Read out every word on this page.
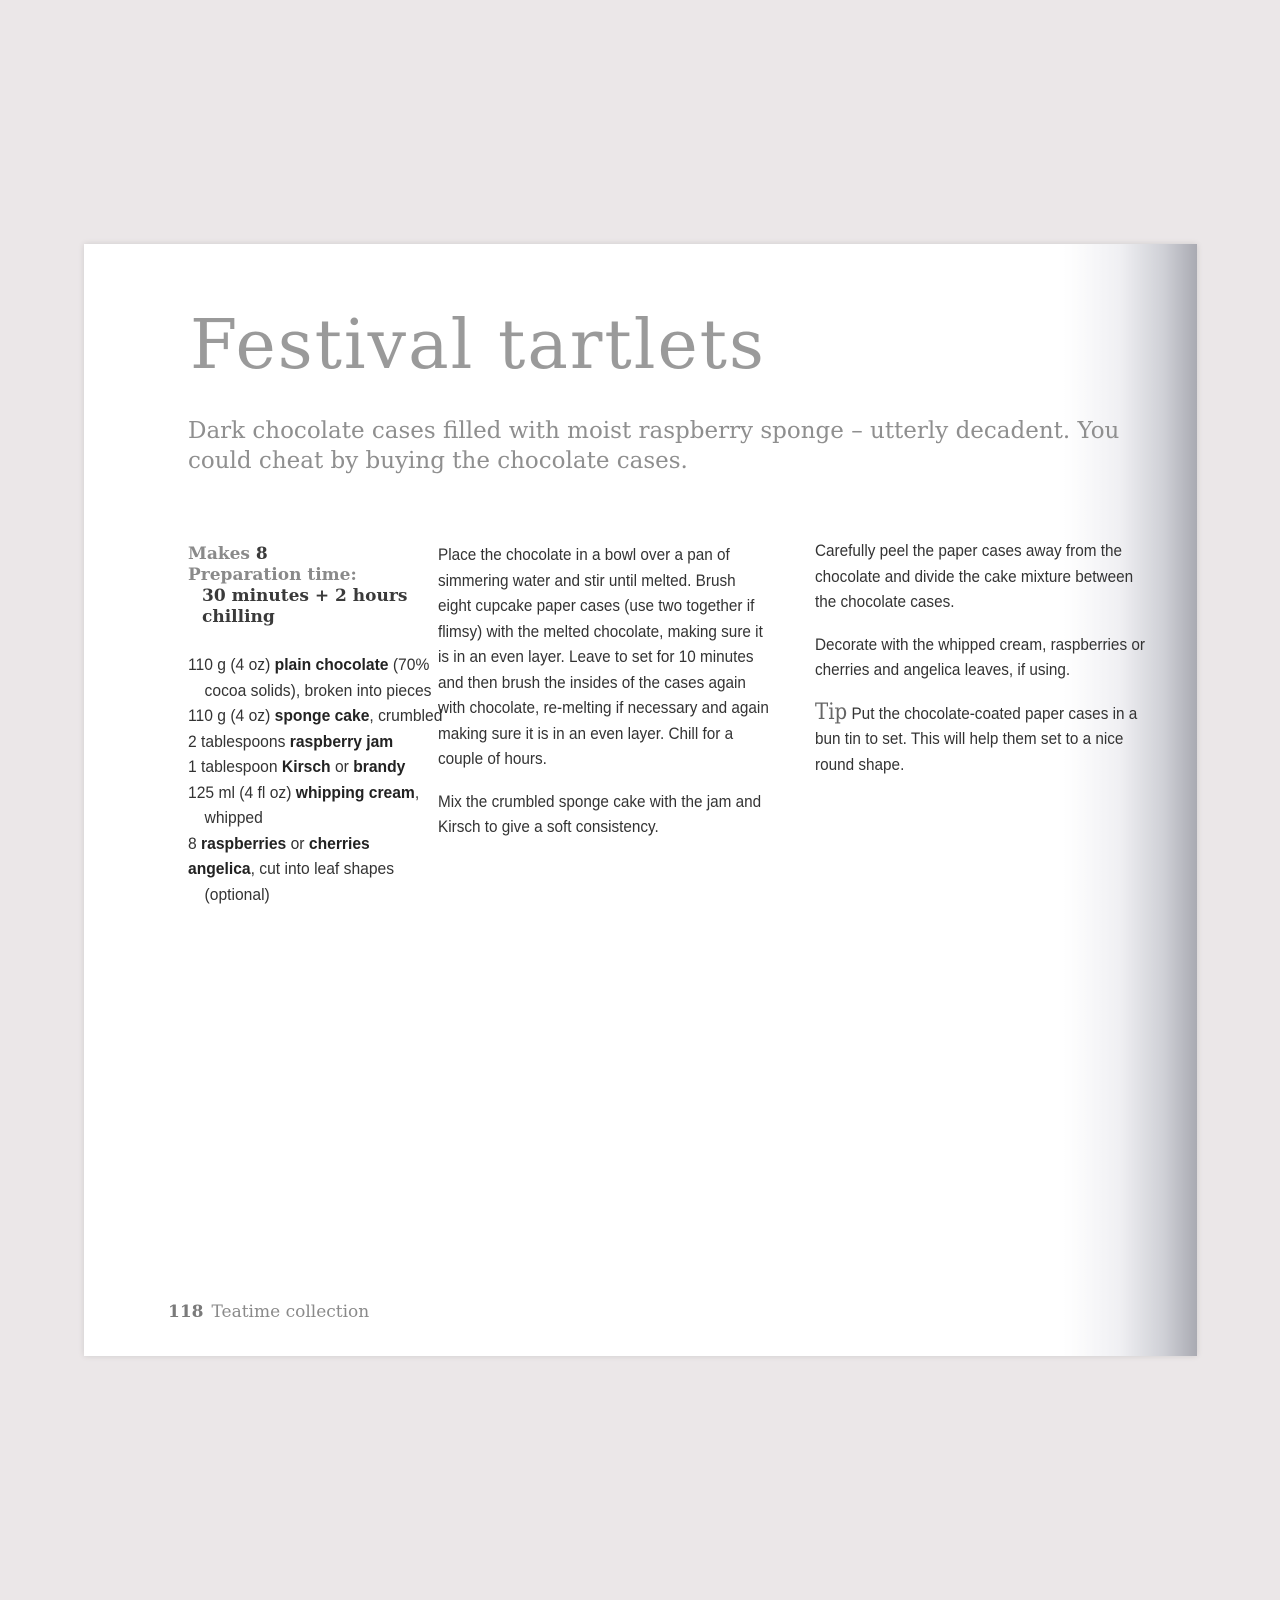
Festival tartlets

Dark chocolate cases filled with moist raspberry sponge – utterly decadent. You could cheat by buying the chocolate cases.

Makes 8
Preparation time:
30 minutes + 2 hours
chilling
110 g (4 oz) plain chocolate (70% cocoa solids), broken into pieces
110 g (4 oz) sponge cake, crumbled
2 tablespoons raspberry jam
1 tablespoon Kirsch or brandy
125 ml (4 fl oz) whipping cream, whipped
8 raspberries or cherries
angelica, cut into leaf shapes (optional)

Place the chocolate in a bowl over a pan of simmering water and stir until melted. Brush eight cupcake paper cases (use two together if flimsy) with the melted chocolate, making sure it is in an even layer. Leave to set for 10 minutes and then brush the insides of the cases again with chocolate, re-melting if necessary and again making sure it is in an even layer. Chill for a couple of hours.

Mix the crumbled sponge cake with the jam and Kirsch to give a soft consistency.

Carefully peel the paper cases away from the chocolate and divide the cake mixture between the chocolate cases.

Decorate with the whipped cream, raspberries or cherries and angelica leaves, if using.

Tip Put the chocolate-coated paper cases in a bun tin to set. This will help them set to a nice round shape.

118 Teatime collection
